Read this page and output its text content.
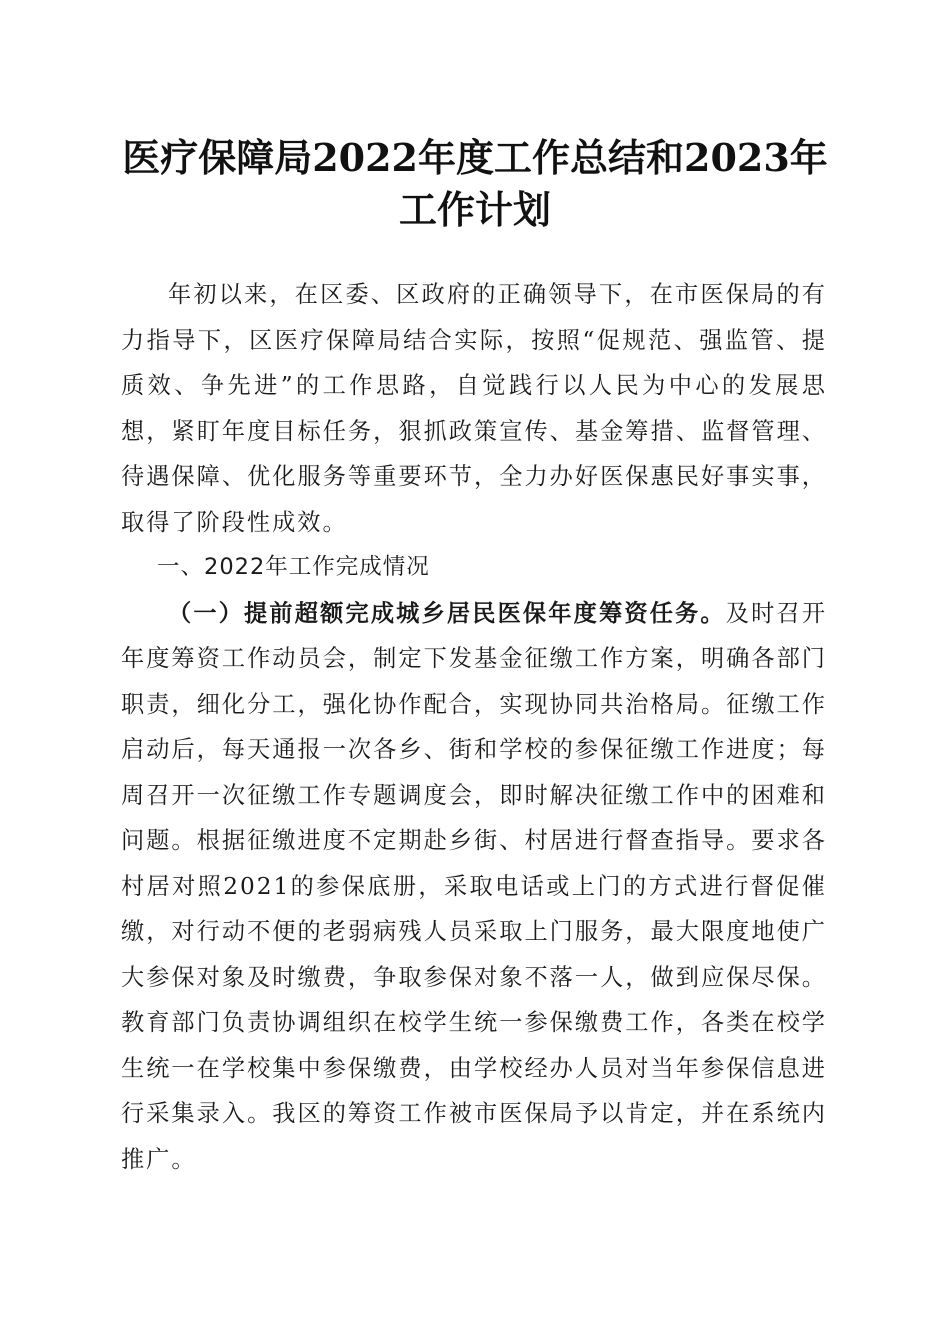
医疗保障局2022年度工作总结和2023年工作计划

年初以来，在区委、区政府的正确领导下，在市医保局的有力指导下，区医疗保障局结合实际，按照“促规范、强监管、提质效、争先进”的工作思路，自觉践行以人民为中心的发展思想，紧盯年度目标任务，狠抓政策宣传、基金筹措、监督管理、待遇保障、优化服务等重要环节，全力办好医保惠民好事实事，取得了阶段性成效。

一、2022年工作完成情况

（一）提前超额完成城乡居民医保年度筹资任务。及时召开年度筹资工作动员会，制定下发基金征缴工作方案，明确各部门职责，细化分工，强化协作配合，实现协同共治格局。征缴工作启动后，每天通报一次各乡、街和学校的参保征缴工作进度；每周召开一次征缴工作专题调度会，即时解决征缴工作中的困难和问题。根据征缴进度不定期赴乡街、村居进行督查指导。要求各村居对照2021的参保底册，采取电话或上门的方式进行督促催缴，对行动不便的老弱病残人员采取上门服务，最大限度地使广大参保对象及时缴费，争取参保对象不落一人，做到应保尽保。教育部门负责协调组织在校学生统一参保缴费工作，各类在校学生统一在学校集中参保缴费，由学校经办人员对当年参保信息进行采集录入。我区的筹资工作被市医保局予以肯定，并在系统内推广。
